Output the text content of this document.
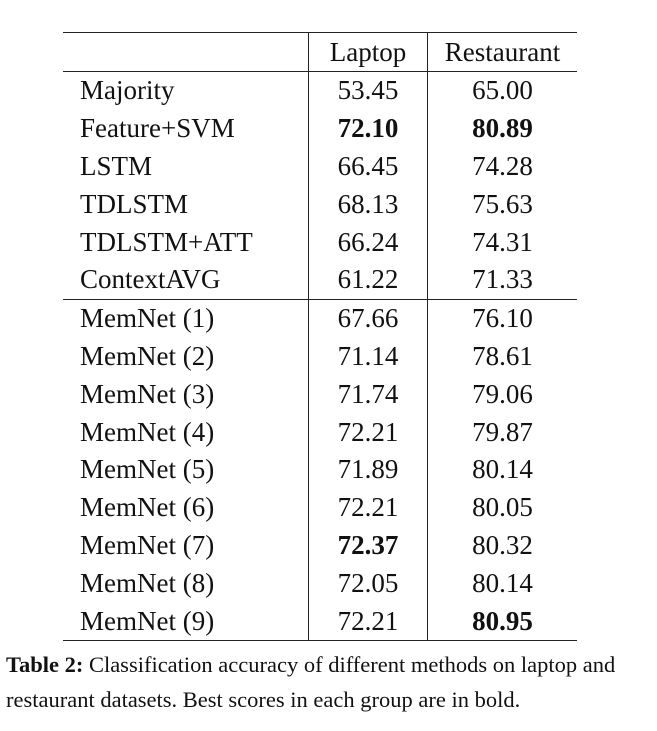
	Laptop	Restaurant
Majority	53.45	65.00
Feature+SVM	72.10	80.89
LSTM	66.45	74.28
TDLSTM	68.13	75.63
TDLSTM+ATT	66.24	74.31
ContextAVG	61.22	71.33
MemNet (1)	67.66	76.10
MemNet (2)	71.14	78.61
MemNet (3)	71.74	79.06
MemNet (4)	72.21	79.87
MemNet (5)	71.89	80.14
MemNet (6)	72.21	80.05
MemNet (7)	72.37	80.32
MemNet (8)	72.05	80.14
MemNet (9)	72.21	80.95

Table 2: Classification accuracy of different methods on laptop and restaurant datasets. Best scores in each group are in bold.
